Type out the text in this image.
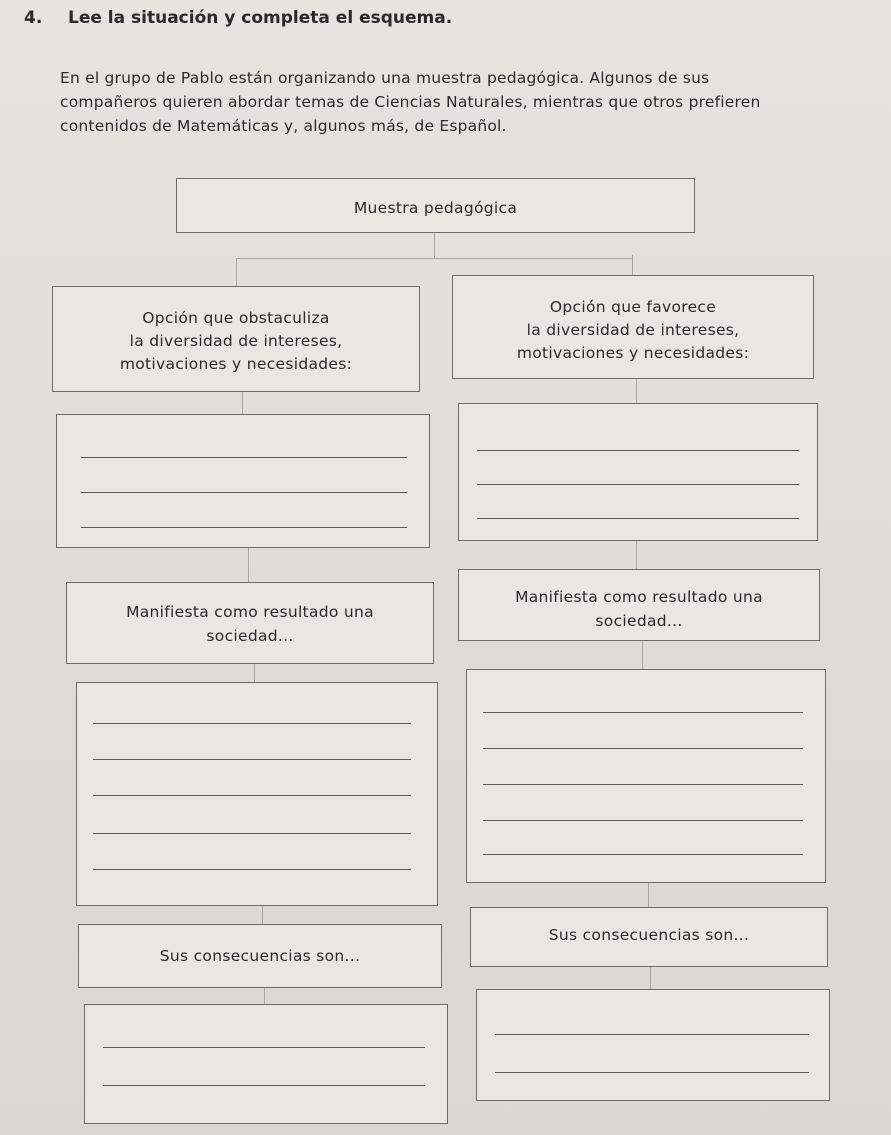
4. Lee la situación y completa el esquema.
En el grupo de Pablo están organizando una muestra pedagógica. Algunos de sus compañeros quieren abordar temas de Ciencias Naturales, mientras que otros prefieren contenidos de Matemáticas y, algunos más, de Español.
Muestra pedagógica
Opción que obstaculiza
la diversidad de intereses,
motivaciones y necesidades:
Opción que favorece
la diversidad de intereses,
motivaciones y necesidades:
Manifiesta como resultado una
sociedad...
Manifiesta como resultado una
sociedad...
Sus consecuencias son...
Sus consecuencias son...
